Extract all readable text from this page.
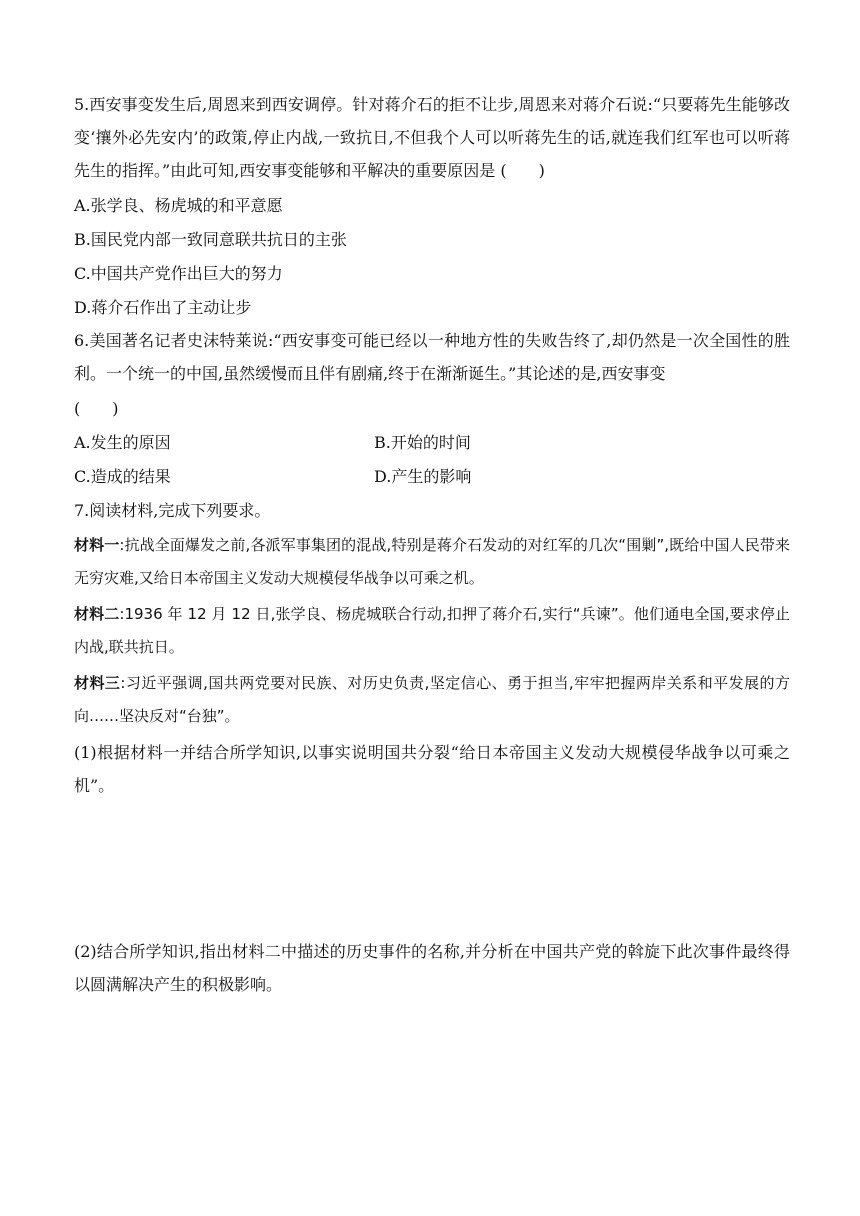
5.西安事变发生后,周恩来到西安调停。针对蒋介石的拒不让步,周恩来对蒋介石说:“只要蒋先生能够改变‘攘外必先安内’的政策,停止内战,一致抗日,不但我个人可以听蒋先生的话,就连我们红军也可以听蒋先生的指挥。”由此可知,西安事变能够和平解决的重要原因是 (　　)
A.张学良、杨虎城的和平意愿
B.国民党内部一致同意联共抗日的主张
C.中国共产党作出巨大的努力
D.蒋介石作出了主动让步
6.美国著名记者史沫特莱说:“西安事变可能已经以一种地方性的失败告终了,却仍然是一次全国性的胜利。一个统一的中国,虽然缓慢而且伴有剧痛,终于在渐渐诞生。”其论述的是,西安事变
(　　)
A.发生的原因	B.开始的时间
C.造成的结果	D.产生的影响
7.阅读材料,完成下列要求。
材料一:抗战全面爆发之前,各派军事集团的混战,特别是蒋介石发动的对红军的几次“围剿”,既给中国人民带来无穷灾难,又给日本帝国主义发动大规模侵华战争以可乘之机。
材料二:1936 年 12 月 12 日,张学良、杨虎城联合行动,扣押了蒋介石,实行“兵谏”。他们通电全国,要求停止内战,联共抗日。
材料三:习近平强调,国共两党要对民族、对历史负责,坚定信心、勇于担当,牢牢把握两岸关系和平发展的方向……坚决反对“台独”。
(1)根据材料一并结合所学知识,以事实说明国共分裂“给日本帝国主义发动大规模侵华战争以可乘之机”。
(2)结合所学知识,指出材料二中描述的历史事件的名称,并分析在中国共产党的斡旋下此次事件最终得以圆满解决产生的积极影响。
